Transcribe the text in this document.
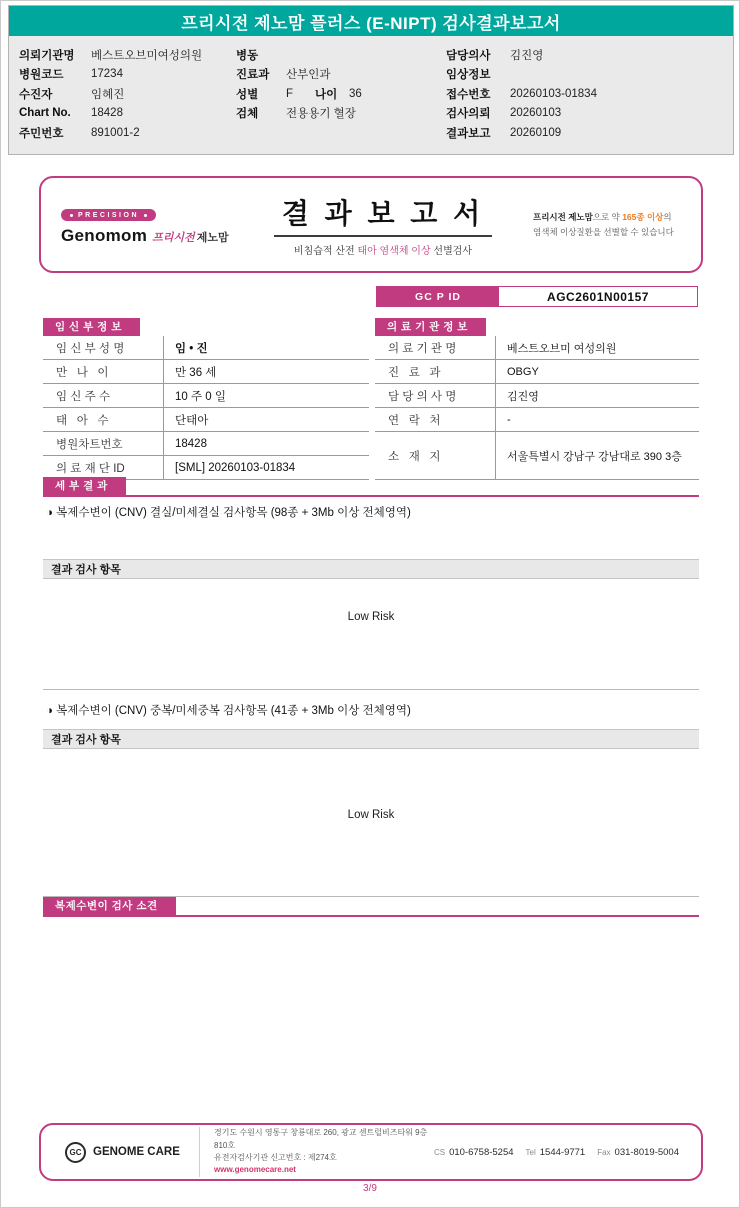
프리시전 제노맘 플러스 (E-NIPT) 검사결과보고서
의뢰기관명	베스트오브미여성의원
병원코드	17234
수진자	임혜진
Chart No.	18428
주민번호	891001-2
병동
진료과	산부인과
성별	F 나이	36
검체	전용용기 혈장
담당의사	김진영
임상정보
접수번호	20260103-01834
검사의뢰	20260103
결과보고	20260109
PRECISION
Genomom 프리시전 제노맘
결 과 보 고 서
비침습적 산전 태아 염색체 이상 선별검사
프리시전 제노맘으로 약 165종 이상의
염색체 이상질환을 선별할 수 있습니다
GC P ID	AGC2601N00157
임 신 부 정 보
임 신 부 성 명	임 • 진
만   나   이	만 36 세
임 신 주 수	10 주 0 일
태   아   수	단태아
병원차트번호	18428
의 료 재 단 ID	[SML] 20260103-01834
의 료 기 관 정 보
의 료 기 관 명	베스트오브미 여성의원
진   료   과	OBGY
담 당 의 사 명	김진영
연   락   처	-
소   재   지	서울특별시 강남구 강남대로 390 3층
세 부 결 과
◑ 복제수변이 (CNV) 결실/미세결실 검사항목 (98종 + 3Mb 이상 전체영역)
결과 검사 항목
Low Risk
◑ 복제수변이 (CNV) 중복/미세중복 검사항목 (41종 + 3Mb 이상 전체영역)
결과 검사 항목
Low Risk
복제수변이 검사 소견
GC	GENOME CARE
경기도 수원시 영통구 창룡대로 260, 광교 센트럴비즈타워 9층 810호
유전자검사기관 신고번호 : 제274호
www.genomecare.net
CS 010-6758-5254 Tel 1544-9771 Fax 031-8019-5004
3/9
